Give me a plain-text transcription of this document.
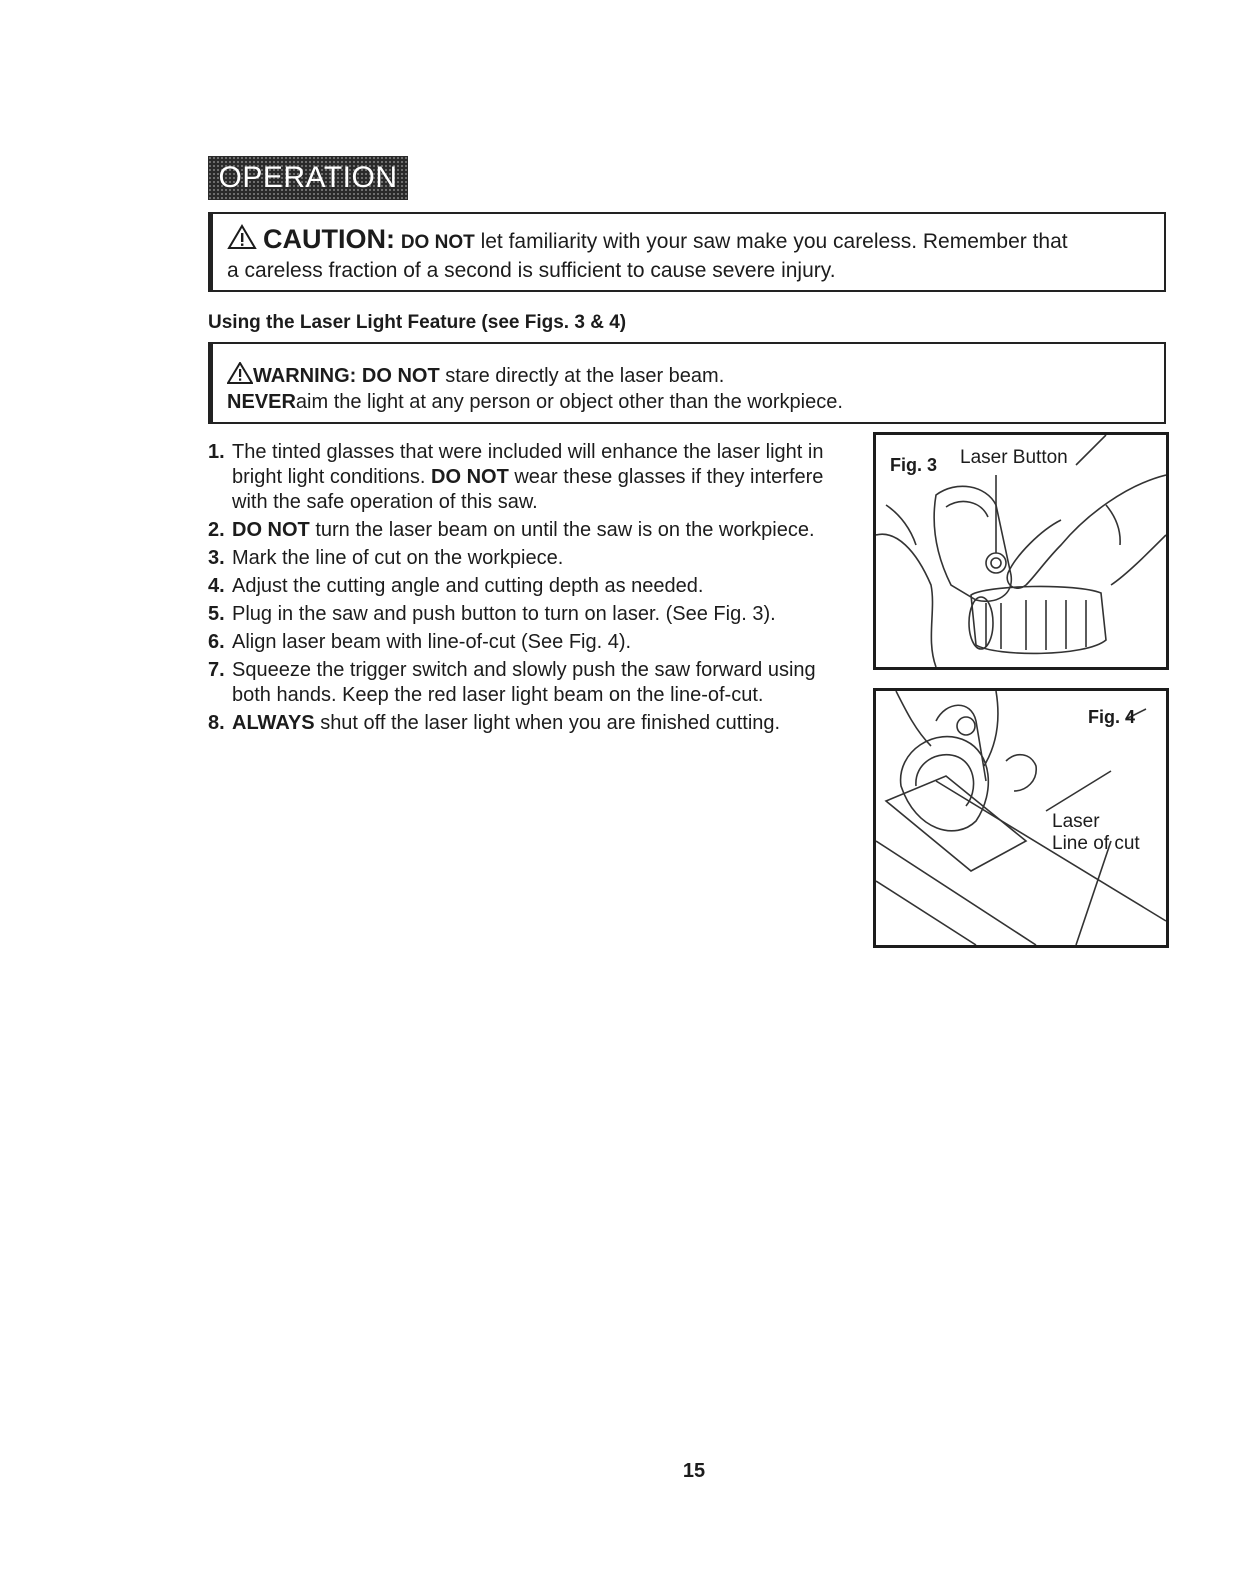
OPERATION
CAUTION: DO NOT let familiarity with your saw make you careless. Remember that
a careless fraction of a second is sufficient to cause severe injury.
Using the Laser Light Feature (see Figs. 3 & 4)
WARNING: DO NOT stare directly at the laser beam.
NEVERaim the light at any person or object other than the workpiece.
1. The tinted glasses that were included will enhance the laser light in bright light conditions. DO NOT wear these glasses if they interfere with the safe operation of this saw.
2. DO NOT turn the laser beam on until the saw is on the workpiece.
3. Mark the line of cut on the workpiece.
4. Adjust the cutting angle and cutting depth as needed.
5. Plug in the saw and push button to turn on laser. (See Fig. 3).
6. Align laser beam with line-of-cut (See Fig. 4).
7. Squeeze the trigger switch and slowly push the saw forward using both hands. Keep the red laser light beam on the line-of-cut.
8. ALWAYS shut off the laser light when you are finished cutting.
Fig. 3 Laser Button
Fig. 4
Laser
Line of cut
15
